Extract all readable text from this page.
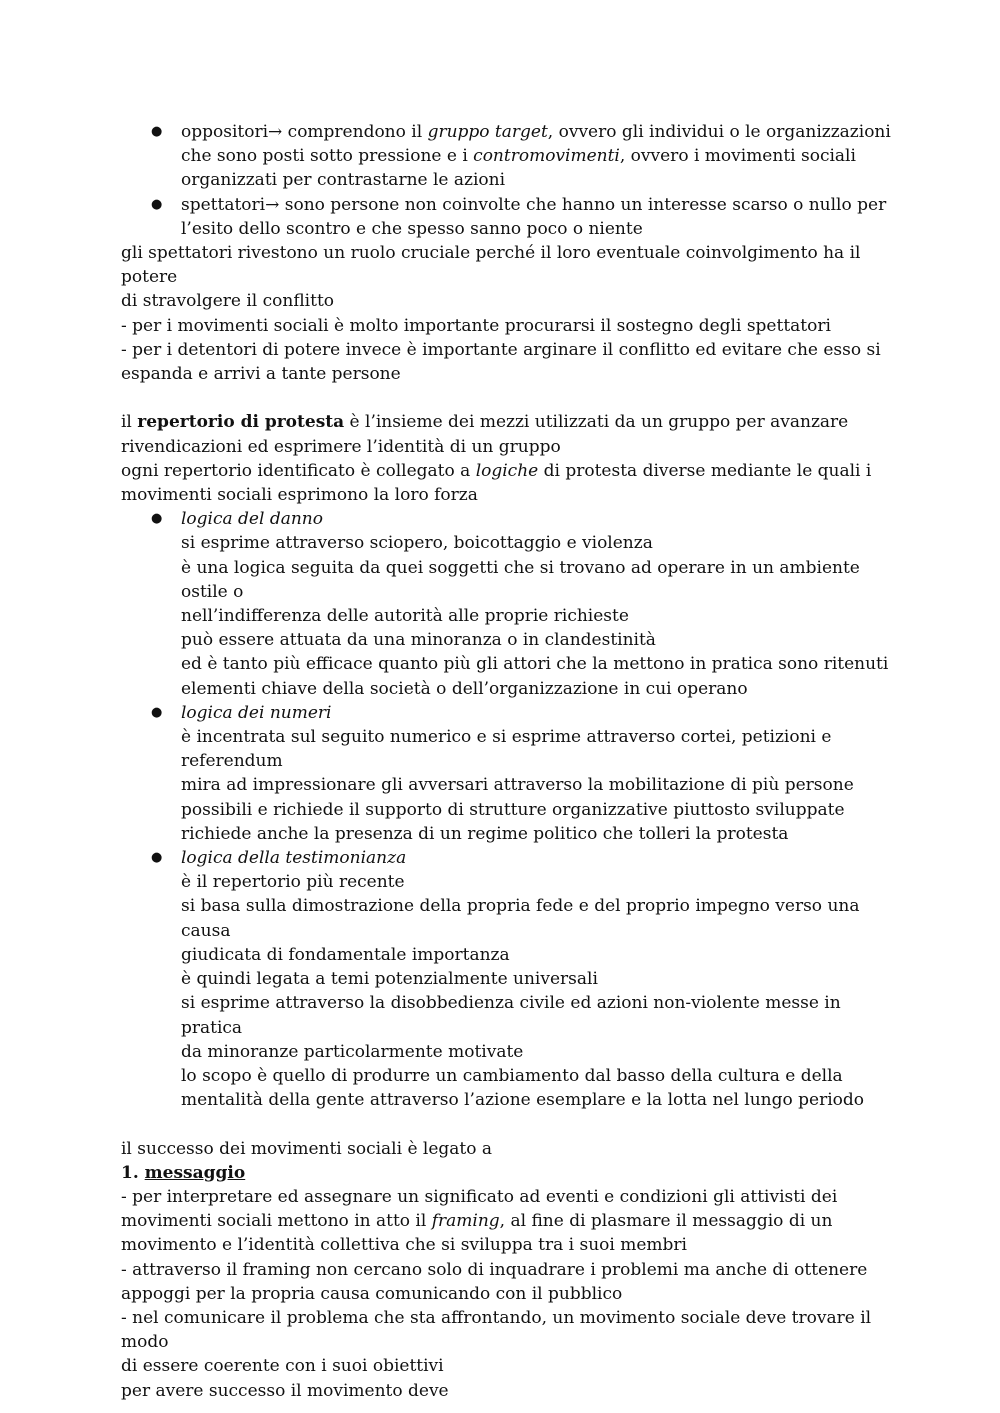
● oppositori→ comprendono il gruppo target, ovvero gli individui o le organizzazioni

che sono posti sotto pressione e i contromovimenti, ovvero i movimenti sociali

organizzati per contrastarne le azioni

● spettatori→ sono persone non coinvolte che hanno un interesse scarso o nullo per

l’esito dello scontro e che spesso sanno poco o niente

gli spettatori rivestono un ruolo cruciale perché il loro eventuale coinvolgimento ha il potere

di stravolgere il conflitto

- per i movimenti sociali è molto importante procurarsi il sostegno degli spettatori

- per i detentori di potere invece è importante arginare il conflitto ed evitare che esso si

espanda e arrivi a tante persone

il repertorio di protesta è l’insieme dei mezzi utilizzati da un gruppo per avanzare

rivendicazioni ed esprimere l’identità di un gruppo

ogni repertorio identificato è collegato a logiche di protesta diverse mediante le quali i

movimenti sociali esprimono la loro forza

● logica del danno

si esprime attraverso sciopero, boicottaggio e violenza

è una logica seguita da quei soggetti che si trovano ad operare in un ambiente ostile o

nell’indifferenza delle autorità alle proprie richieste

può essere attuata da una minoranza o in clandestinità

ed è tanto più efficace quanto più gli attori che la mettono in pratica sono ritenuti

elementi chiave della società o dell’organizzazione in cui operano

● logica dei numeri

è incentrata sul seguito numerico e si esprime attraverso cortei, petizioni e

referendum

mira ad impressionare gli avversari attraverso la mobilitazione di più persone

possibili e richiede il supporto di strutture organizzative piuttosto sviluppate

richiede anche la presenza di un regime politico che tolleri la protesta

● logica della testimonianza

è il repertorio più recente

si basa sulla dimostrazione della propria fede e del proprio impegno verso una causa

giudicata di fondamentale importanza

è quindi legata a temi potenzialmente universali

si esprime attraverso la disobbedienza civile ed azioni non-violente messe in pratica

da minoranze particolarmente motivate

lo scopo è quello di produrre un cambiamento dal basso della cultura e della

mentalità della gente attraverso l’azione esemplare e la lotta nel lungo periodo

il successo dei movimenti sociali è legato a

1. messaggio

- per interpretare ed assegnare un significato ad eventi e condizioni gli attivisti dei

movimenti sociali mettono in atto il framing, al fine di plasmare il messaggio di un

movimento e l’identità collettiva che si sviluppa tra i suoi membri

- attraverso il framing non cercano solo di inquadrare i problemi ma anche di ottenere

appoggi per la propria causa comunicando con il pubblico

- nel comunicare il problema che sta affrontando, un movimento sociale deve trovare il modo

di essere coerente con i suoi obiettivi

per avere successo il movimento deve
